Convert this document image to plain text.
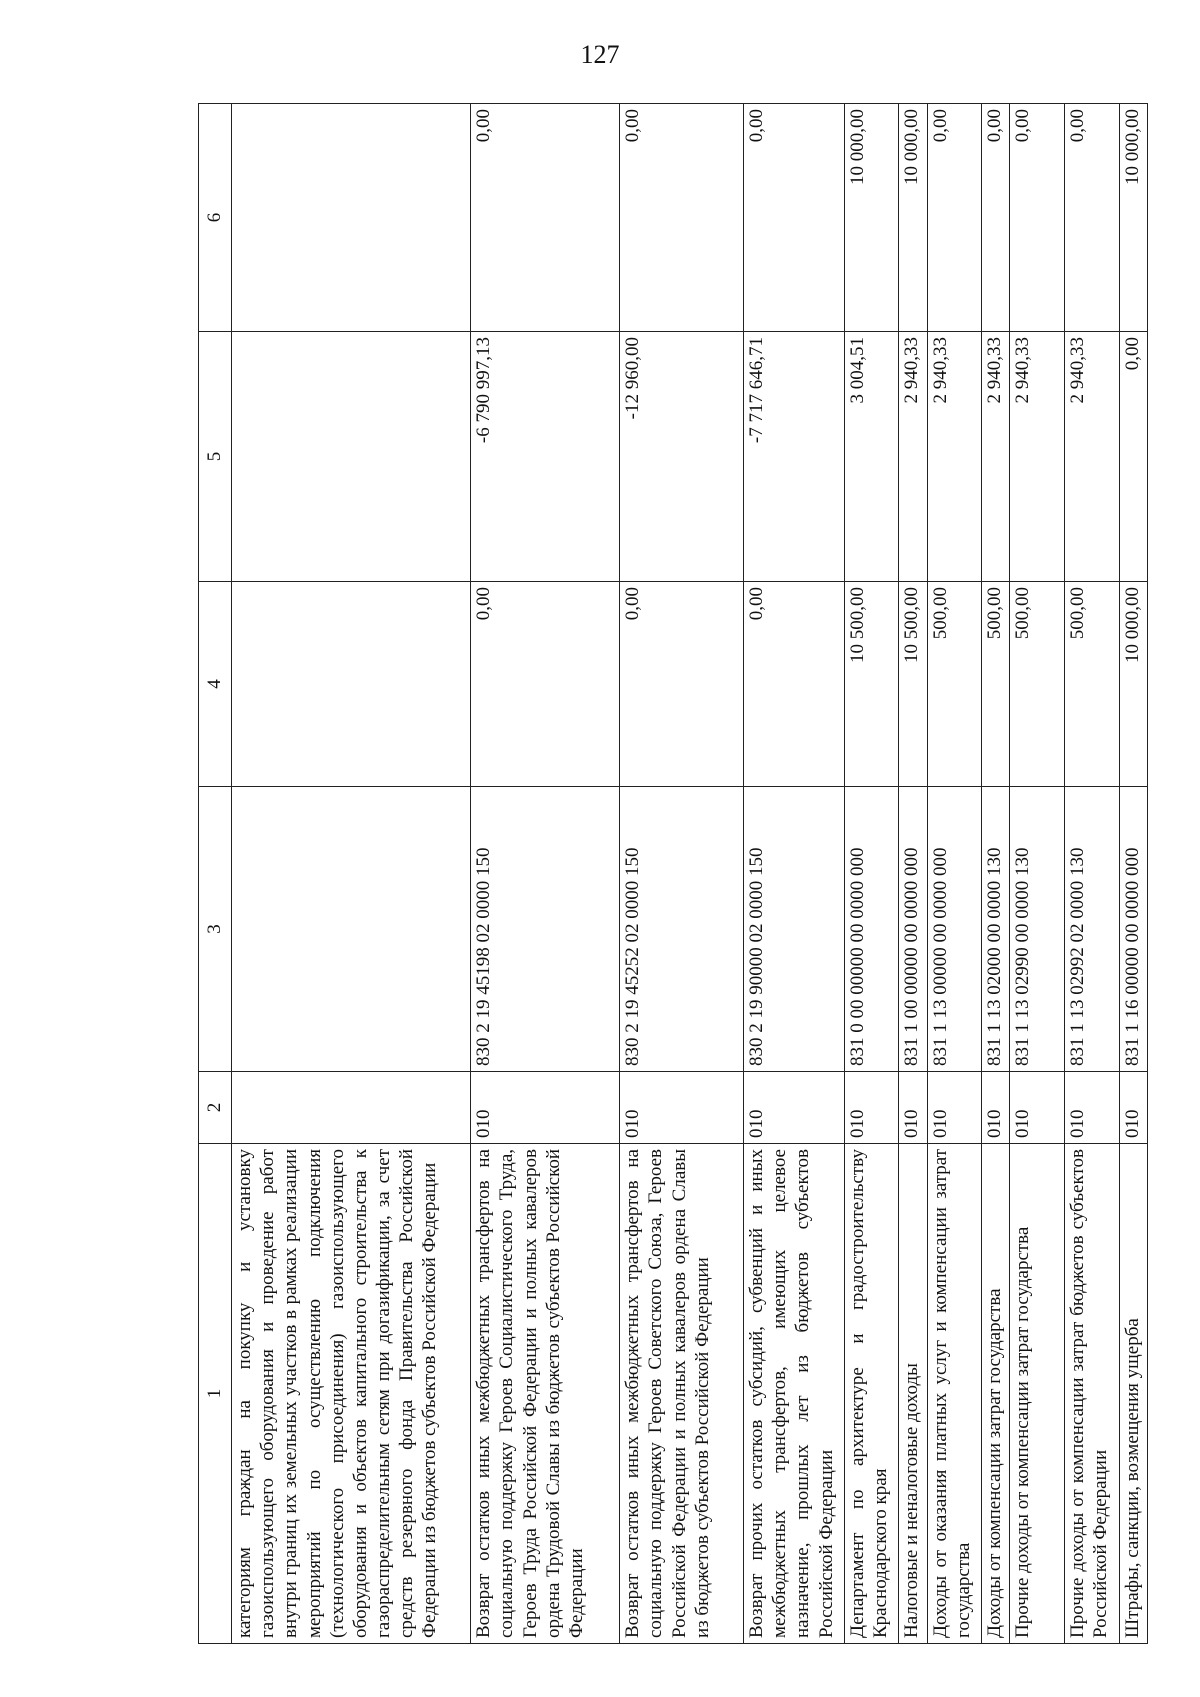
127
1	2	3	4	5	6
категориям граждан на покупку и установку газоиспользующего оборудования и проведение работ внутри границ их земельных участков в рамках реализации мероприятий по осуществлению подключения (технологического присоединения) газоиспользующего оборудования и объектов капитального строительства к газораспределительным сетям при догазификации, за счет средств резервного фонда Правительства Российской Федерации из бюджетов субъектов Российской Федерации					
Возврат остатков иных межбюджетных трансфертов на социальную поддержку Героев Социалистического Труда, Героев Труда Российской Федерации и полных кавалеров ордена Трудовой Славы из бюджетов субъектов Российской Федерации	010	830 2 19 45198 02 0000 150	0,00	-6 790 997,13	0,00
Возврат остатков иных межбюджетных трансфертов на социальную поддержку Героев Советского Союза, Героев Российской Федерации и полных кавалеров ордена Славы из бюджетов субъектов Российской Федерации	010	830 2 19 45252 02 0000 150	0,00	-12 960,00	0,00
Возврат прочих остатков субсидий, субвенций и иных межбюджетных трансфертов, имеющих целевое назначение, прошлых лет из бюджетов субъектов Российской Федерации	010	830 2 19 90000 02 0000 150	0,00	-7 717 646,71	0,00
Департамент по архитектуре и градостроительству Краснодарского края	010	831 0 00 00000 00 0000 000	10 500,00	3 004,51	10 000,00
Налоговые и неналоговые доходы	010	831 1 00 00000 00 0000 000	10 500,00	2 940,33	10 000,00
Доходы от оказания платных услуг и компенсации затрат государства	010	831 1 13 00000 00 0000 000	500,00	2 940,33	0,00
Доходы от компенсации затрат государства	010	831 1 13 02000 00 0000 130	500,00	2 940,33	0,00
Прочие доходы от компенсации затрат государства	010	831 1 13 02990 00 0000 130	500,00	2 940,33	0,00
Прочие доходы от компенсации затрат бюджетов субъектов Российской Федерации	010	831 1 13 02992 02 0000 130	500,00	2 940,33	0,00
Штрафы, санкции, возмещения ущерба	010	831 1 16 00000 00 0000 000	10 000,00	0,00	10 000,00
